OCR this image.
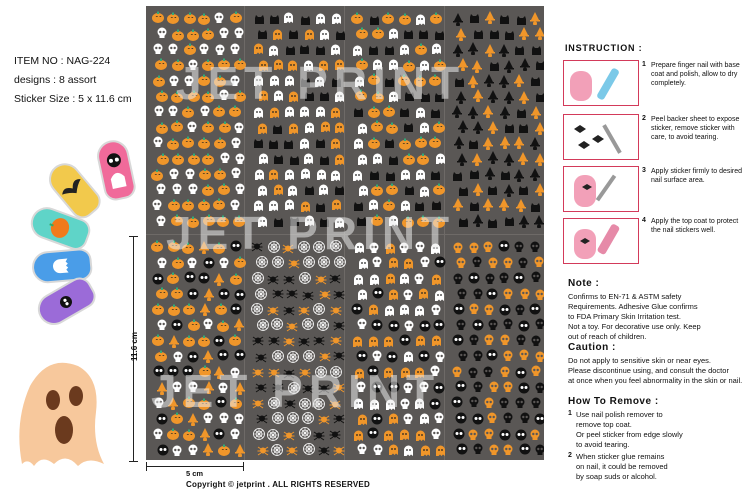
ITEM NO : NAG-224
designs : 8 assort
Sticker Size : 5 x 11.6 cm JET PRINT
JET PRINT
JET PRINT
11.6 cm
5 cm
Copyright © jetprint . ALL RIGHTS RESERVED
INSTRUCTION :
1 Prepare finger nail with base coat and polish, allow to dry completely.
2 Peel backer sheet to expose sticker, remove sticker with care, to avoid tearing.
3 Apply sticker firmly to desired nail surface area.
4 Apply the top coat to protect the nail stickers well.
Note :
Confirms to EN-71 & ASTM safety
Requirements. Adhesive Glue confirms
to FDA Primary Skin Irritation test.
Not a toy. For decorative use only. Keep
out of reach of children.
Caution :
Do not apply to sensitive skin or near eyes.
Please discontinue using, and consult the doctor
at once when you feel abnormality in the skin or nail.
How To Remove :
1 Use nail polish remover to
remove top coat.
Or peel sticker from edge slowly
to avoid tearing.
2 When sticker glue remains
on nail, it could be removed
by soap suds or alcohol.
